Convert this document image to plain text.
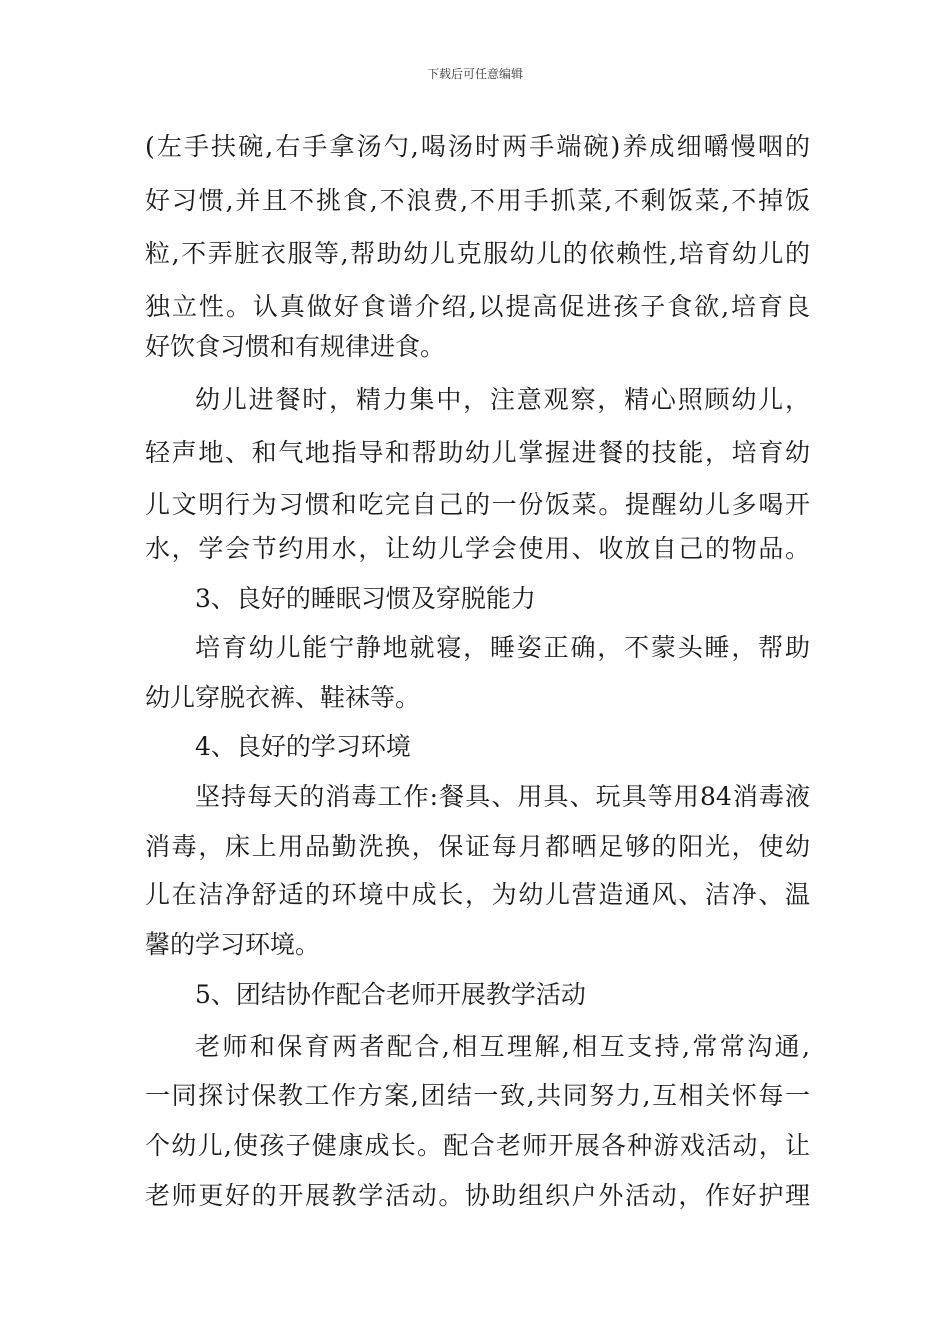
下载后可任意编辑
(左手扶碗,右手拿汤勺,喝汤时两手端碗)养成细嚼慢咽的
好习惯,并且不挑食,不浪费,不用手抓菜,不剩饭菜,不掉饭
粒,不弄脏衣服等,帮助幼儿克服幼儿的依赖性,培育幼儿的
独立性。认真做好食谱介绍,以提高促进孩子食欲,培育良
好饮食习惯和有规律进食。
幼儿进餐时，精力集中，注意观察，精心照顾幼儿，
轻声地、和气地指导和帮助幼儿掌握进餐的技能，培育幼
儿文明行为习惯和吃完自己的一份饭菜。提醒幼儿多喝开
水，学会节约用水，让幼儿学会使用、收放自己的物品。
3、良好的睡眠习惯及穿脱能力
培育幼儿能宁静地就寝，睡姿正确，不蒙头睡，帮助
幼儿穿脱衣裤、鞋袜等。
4、良好的学习环境
坚持每天的消毒工作:餐具、用具、玩具等用84消毒液
消毒，床上用品勤洗换，保证每月都晒足够的阳光，使幼
儿在洁净舒适的环境中成长，为幼儿营造通风、洁净、温
馨的学习环境。
5、团结协作配合老师开展教学活动
老师和保育两者配合,相互理解,相互支持,常常沟通,
一同探讨保教工作方案,团结一致,共同努力,互相关怀每一
个幼儿,使孩子健康成长。配合老师开展各种游戏活动，让
老师更好的开展教学活动。协助组织户外活动，作好护理
